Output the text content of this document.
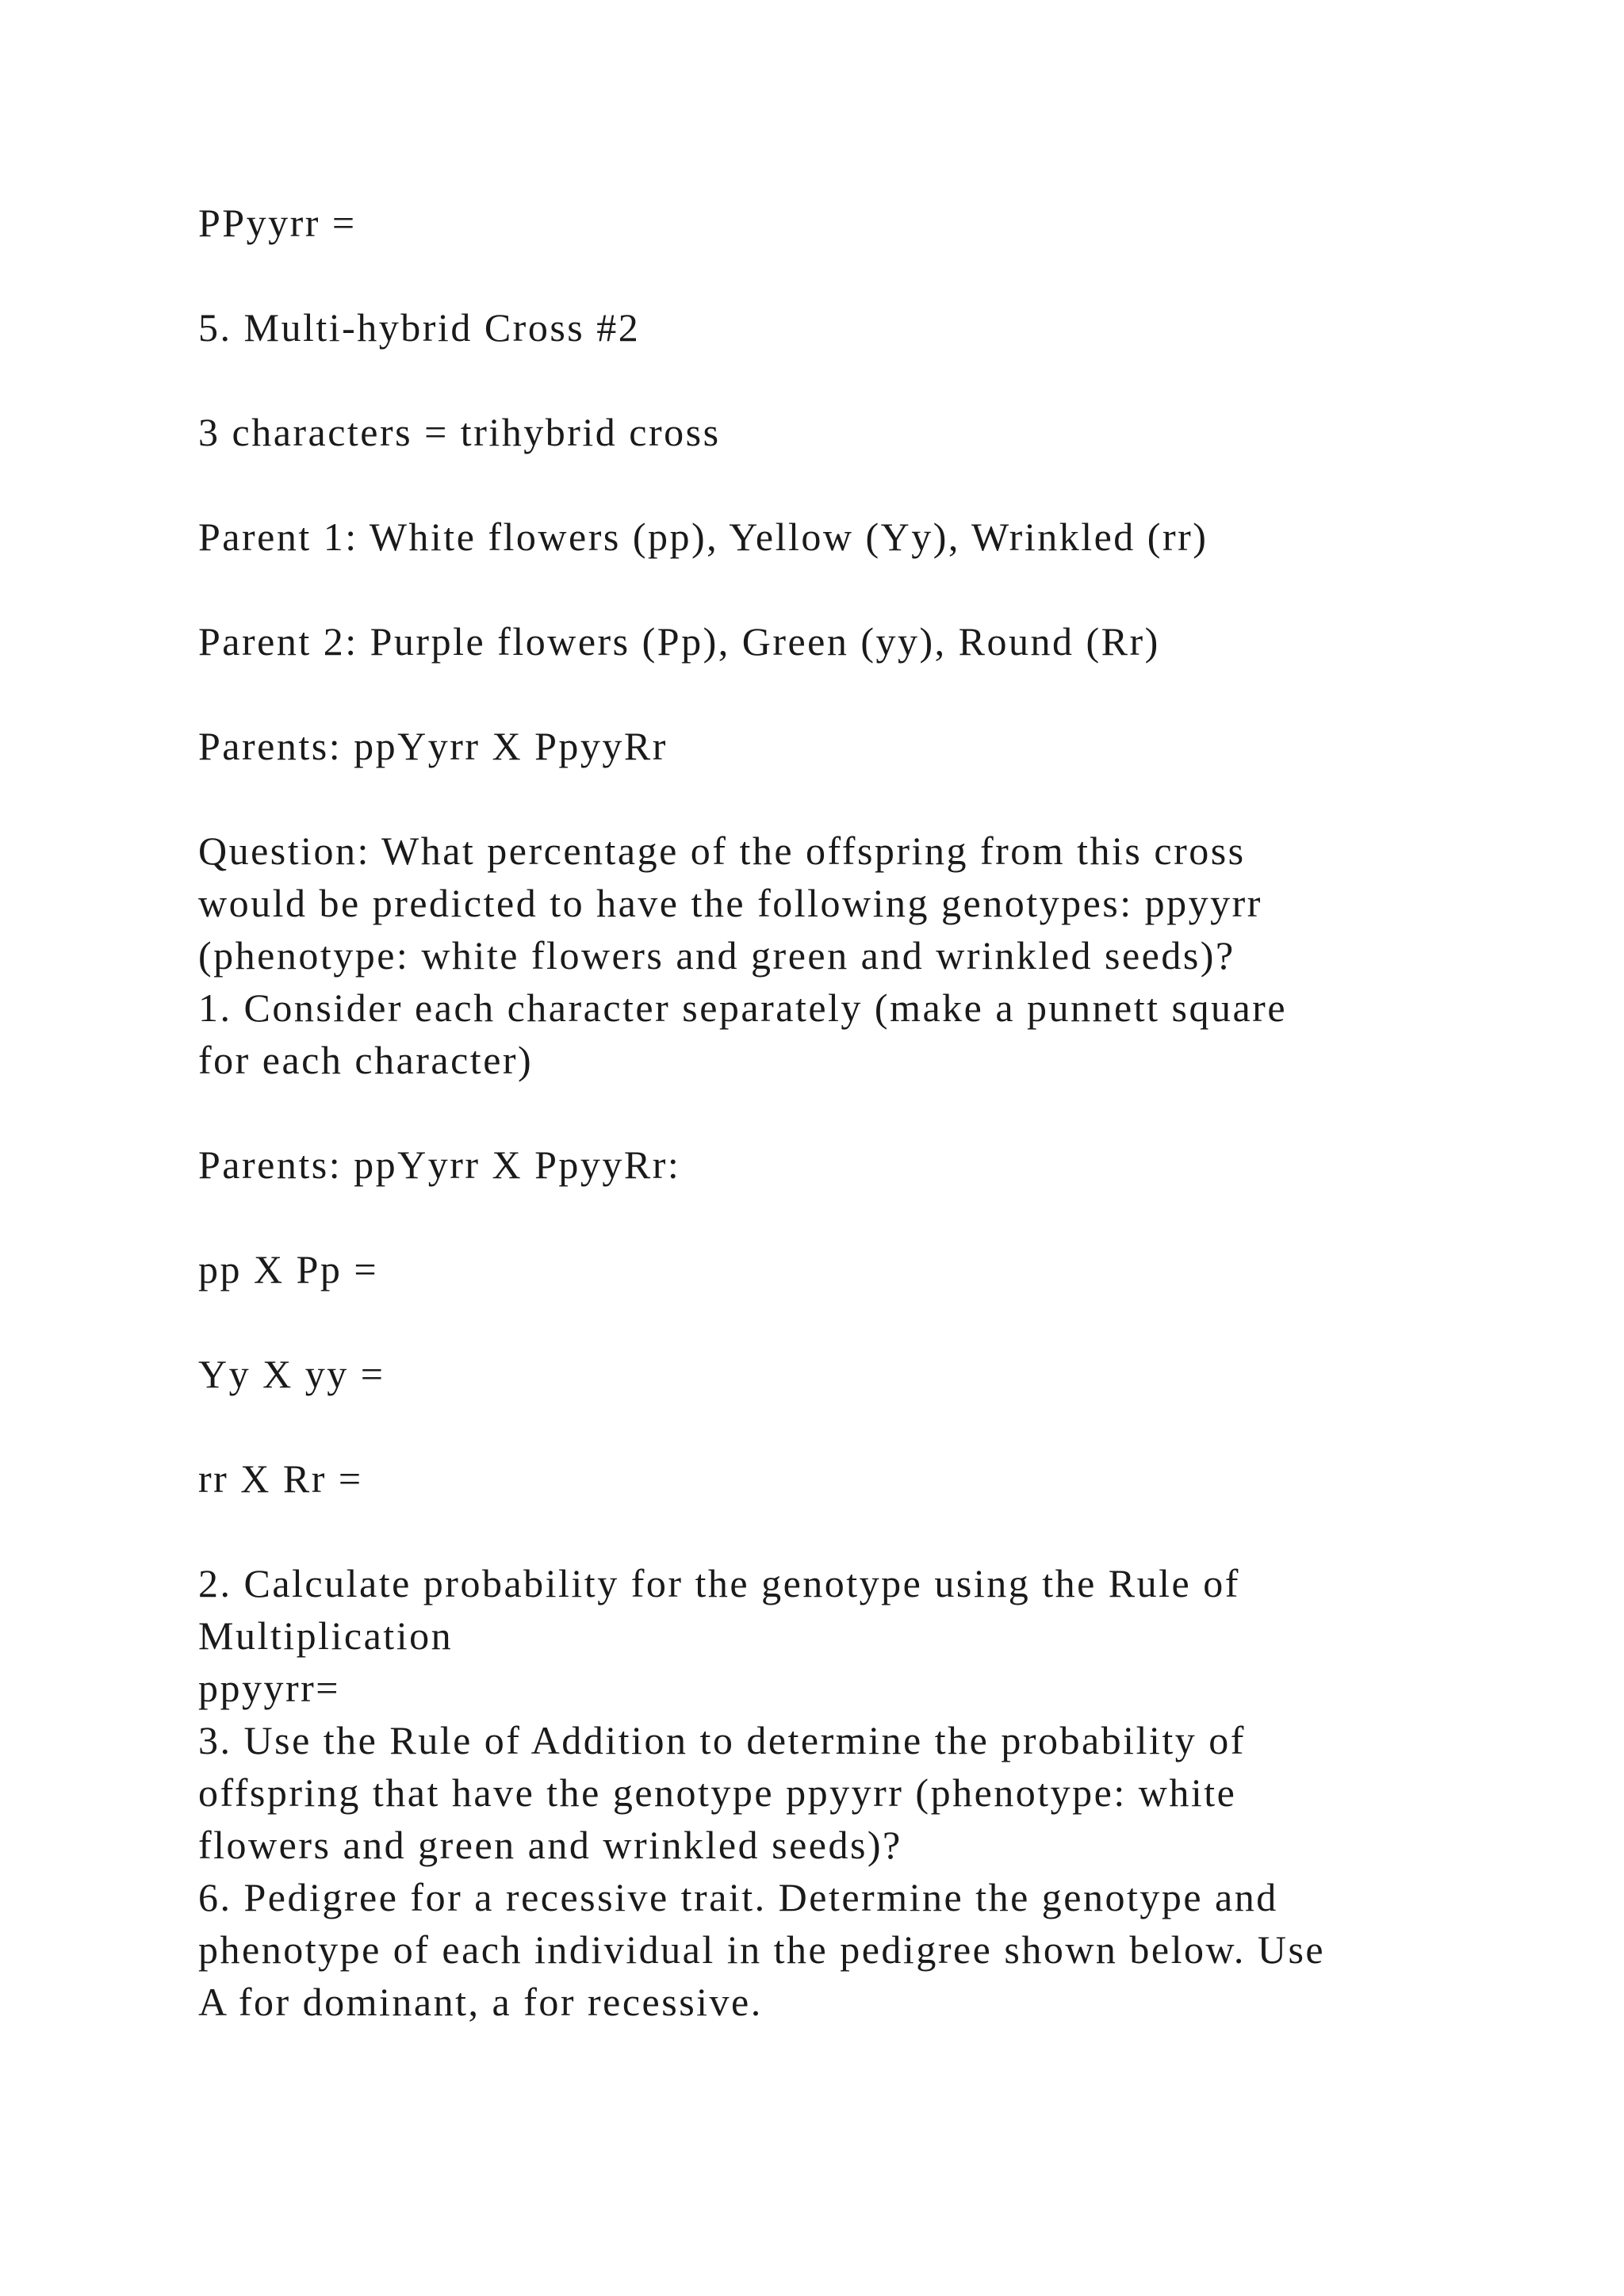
PPyyrr =

5. Multi-hybrid Cross #2

3 characters = trihybrid cross

Parent 1: White flowers (pp), Yellow (Yy), Wrinkled (rr)

Parent 2: Purple flowers (Pp), Green (yy), Round (Rr)

Parents: ppYyrr X PpyyRr

Question: What percentage of the offspring from this cross

would be predicted to have the following genotypes: ppyyrr

(phenotype: white flowers and green and wrinkled seeds)?

1. Consider each character separately (make a punnett square

for each character)

Parents: ppYyrr X PpyyRr:

pp X Pp =

Yy X yy =

rr X Rr =

2. Calculate probability for the genotype using the Rule of

Multiplication

ppyyrr=

3. Use the Rule of Addition to determine the probability of

offspring that have the genotype ppyyrr (phenotype: white

flowers and green and wrinkled seeds)?

6. Pedigree for a recessive trait. Determine the genotype and

phenotype of each individual in the pedigree shown below. Use

A for dominant, a for recessive.
